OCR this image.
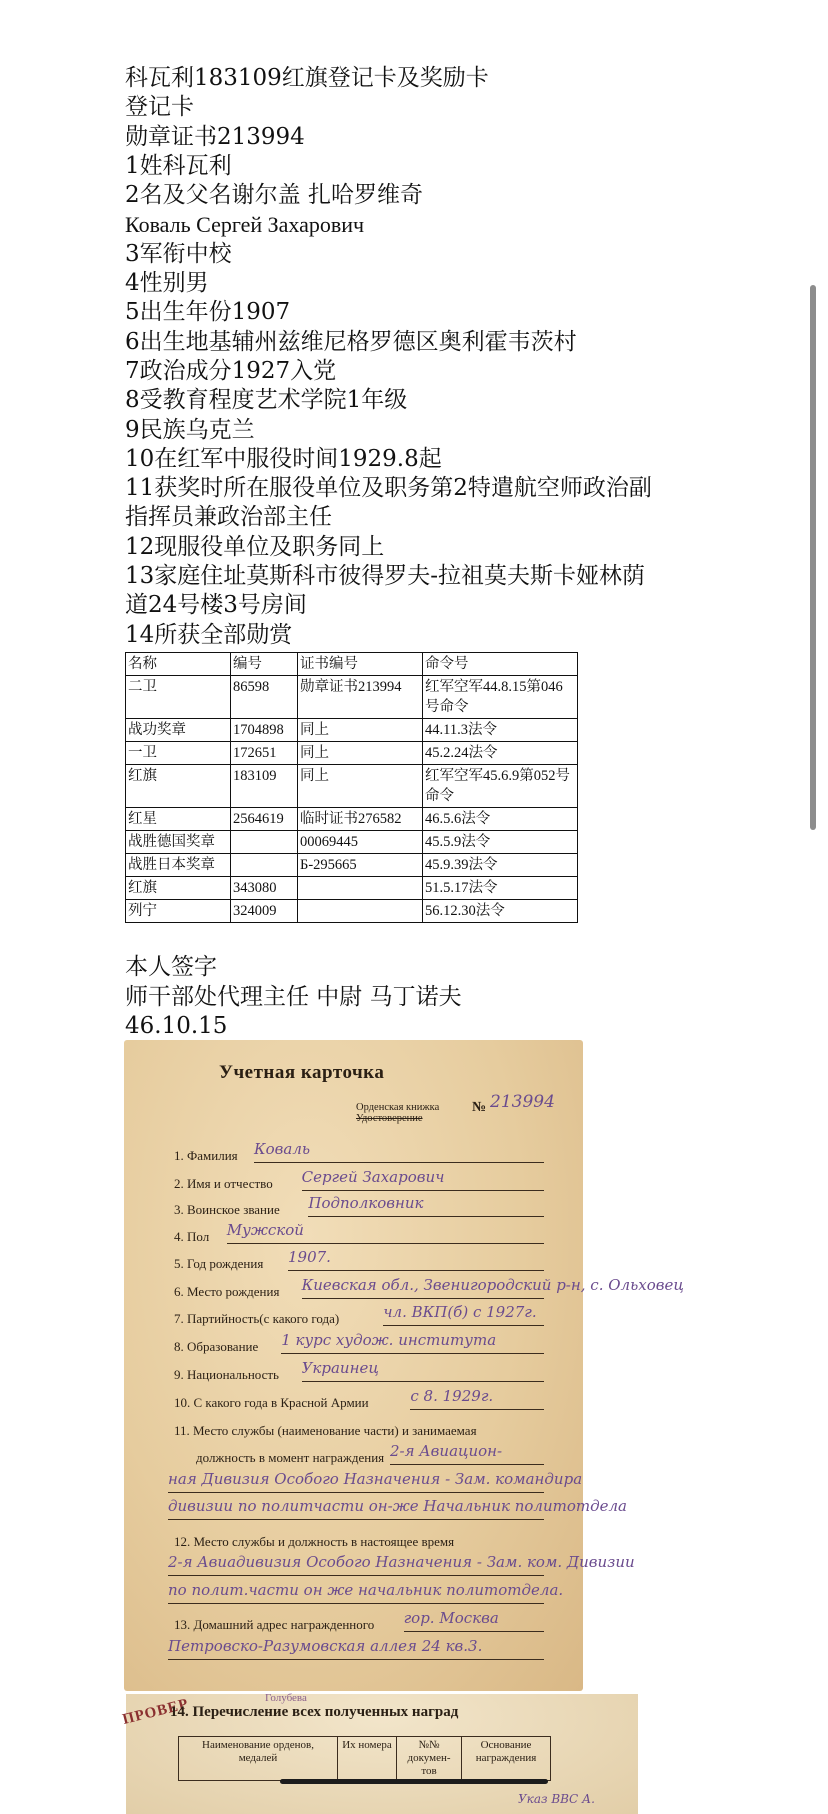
科瓦利183109红旗登记卡及奖励卡
登记卡
勋章证书213994
1姓科瓦利
2名及父名谢尔盖 扎哈罗维奇
Коваль Сергей Захарович
3军衔中校
4性别男
5出生年份1907
6出生地基辅州兹维尼格罗德区奥利霍韦茨村
7政治成分1927入党
8受教育程度艺术学院1年级
9民族乌克兰
10在红军中服役时间1929.8起
11获奖时所在服役单位及职务第2特遣航空师政治副
指挥员兼政治部主任
12现服役单位及职务同上
13家庭住址莫斯科市彼得罗夫-拉祖莫夫斯卡娅林荫
道24号楼3号房间
14所获全部勋赏
名称	编号	证书编号	命令号
二卫	86598	勋章证书213994	红军空军44.8.15第046号命令
战功奖章	1704898	同上	44.11.3法令
一卫	172651	同上	45.2.24法令
红旗	183109	同上	红军空军45.6.9第052号命令
红星	2564619	临时证书276582	46.5.6法令
战胜德国奖章		00069445	45.5.9法令
战胜日本奖章		Б-295665	45.9.39法令
红旗	343080		51.5.17法令
列宁	324009		56.12.30法令
本人签字
师干部处代理主任 中尉 马丁诺夫
46.10.15
Учетная карточка
Орденская книжка
Удостоверение
№ 213994
1. Фамилия Коваль
2. Имя и отчество Сергей Захарович
3. Воинское звание Подполковник
4. Пол Мужской
5. Год рождения 1907.
6. Место рождения Киевская обл., Звенигородский р-н, с. Ольховец
7. Партийность(с какого года)	чл. ВКП(б) с 1927г.
8. Образование 1 курс худож. института
9. Национальность Украинец
10. С какого года в Красной Армии	с 8. 1929г.
11. Место службы (наименование части) и занимаемая
должность в момент награждения 2-я Авиацион-
ная Дивизия Особого Назначения - Зам. командира
дивизии по политчасти он-же Начальник политотдела
12. Место службы и должность в настоящее время
2-я Авиадивизия Особого Назначения - Зам. ком. Дивизии
по полит.части он же начальник политотдела.
13. Домашний адрес награжденного гор. Москва
Петровско-Разумовская аллея 24 кв.3.
ПРОВЕР	Голубева
14. Перечисление всех полученных наград
Наименование орденов, медалей	Их номера	№№ докумен-тов	Основание награждения
Указ ВВС А.
